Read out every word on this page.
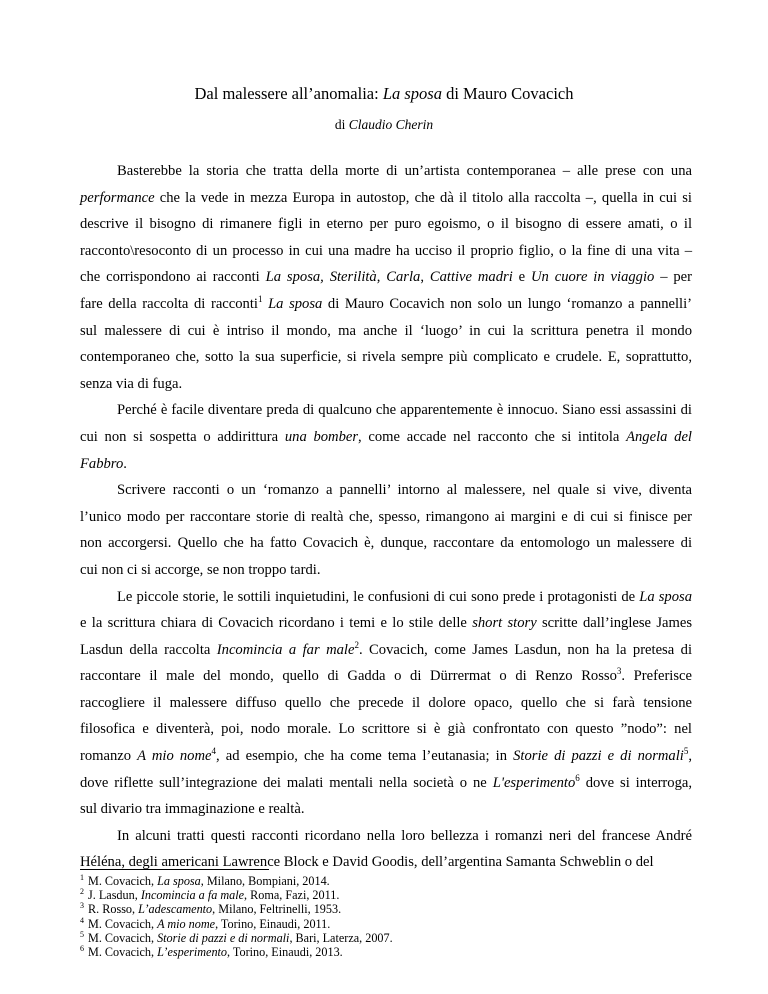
Dal malessere all’anomalia: La sposa di Mauro Covacich
di Claudio Cherin

Basterebbe la storia che tratta della morte di un’artista contemporanea – alle prese con una
performance che la vede in mezza Europa in autostop, che dà il titolo alla raccolta –, quella in cui si
descrive il bisogno di rimanere figli in eterno per puro egoismo, o il bisogno di essere amati, o il
racconto\resoconto di un processo in cui una madre ha ucciso il proprio figlio, o la fine di una vita –
che corrispondono ai racconti La sposa, Sterilità, Carla, Cattive madri e Un cuore in viaggio – per
fare della raccolta di racconti$^1$ La sposa di Mauro Cocavich non solo un lungo ‘romanzo a pannelli’
sul malessere di cui è intriso il mondo, ma anche il ‘luogo’ in cui la scrittura penetra il mondo
contemporaneo che, sotto la sua superficie, si rivela sempre più complicato e crudele. E, soprattutto,
senza via di fuga.

Perché è facile diventare preda di qualcuno che apparentemente è innocuo. Siano essi assassini di
cui non si sospetta o addirittura una bomber, come accade nel racconto che si intitola Angela del
Fabbro.

Scrivere racconti o un ‘romanzo a pannelli’ intorno al malessere, nel quale si vive, diventa
l’unico modo per raccontare storie di realtà che, spesso, rimangono ai margini e di cui si finisce per
non accorgersi. Quello che ha fatto Covacich è, dunque, raccontare da entomologo un malessere di
cui non ci si accorge, se non troppo tardi.

Le piccole storie, le sottili inquietudini, le confusioni di cui sono prede i protagonisti de La sposa
e la scrittura chiara di Covacich ricordano i temi e lo stile delle short story scritte dall’inglese James
Lasdun della raccolta Incomincia a far male$^2$. Covacich, come James Lasdun, non ha la pretesa di
raccontare il male del mondo, quello di Gadda o di Dürrermat o di Renzo Rosso$^3$. Preferisce
raccogliere il malessere diffuso quello che precede il dolore opaco, quello che si farà tensione
filosofica e diventerà, poi, nodo morale. Lo scrittore si è già confrontato con questo ”nodo”: nel
romanzo A mio nome$^4$, ad esempio, che ha come tema l’eutanasia; in Storie di pazzi e di normali$^5$,
dove riflette sull’integrazione dei malati mentali nella società o ne L'esperimento$^6$ dove si interroga,
sul divario tra immaginazione e realtà.

In alcuni tratti questi racconti ricordano nella loro bellezza i romanzi neri del francese André
Héléna, degli americani Lawrence Block e David Goodis, dell’argentina Samanta Schweblin o del

$^1$ M. Covacich, La sposa, Milano, Bompiani, 2014.
$^2$ J. Lasdun, Incomincia a fa male, Roma, Fazi, 2011.
$^3$ R. Rosso, L’adescamento, Milano, Feltrinelli, 1953.
$^4$ M. Covacich, A mio nome, Torino, Einaudi, 2011.
$^5$ M. Covacich, Storie di pazzi e di normali, Bari, Laterza, 2007.
$^6$ M. Covacich, L’esperimento, Torino, Einaudi, 2013.
